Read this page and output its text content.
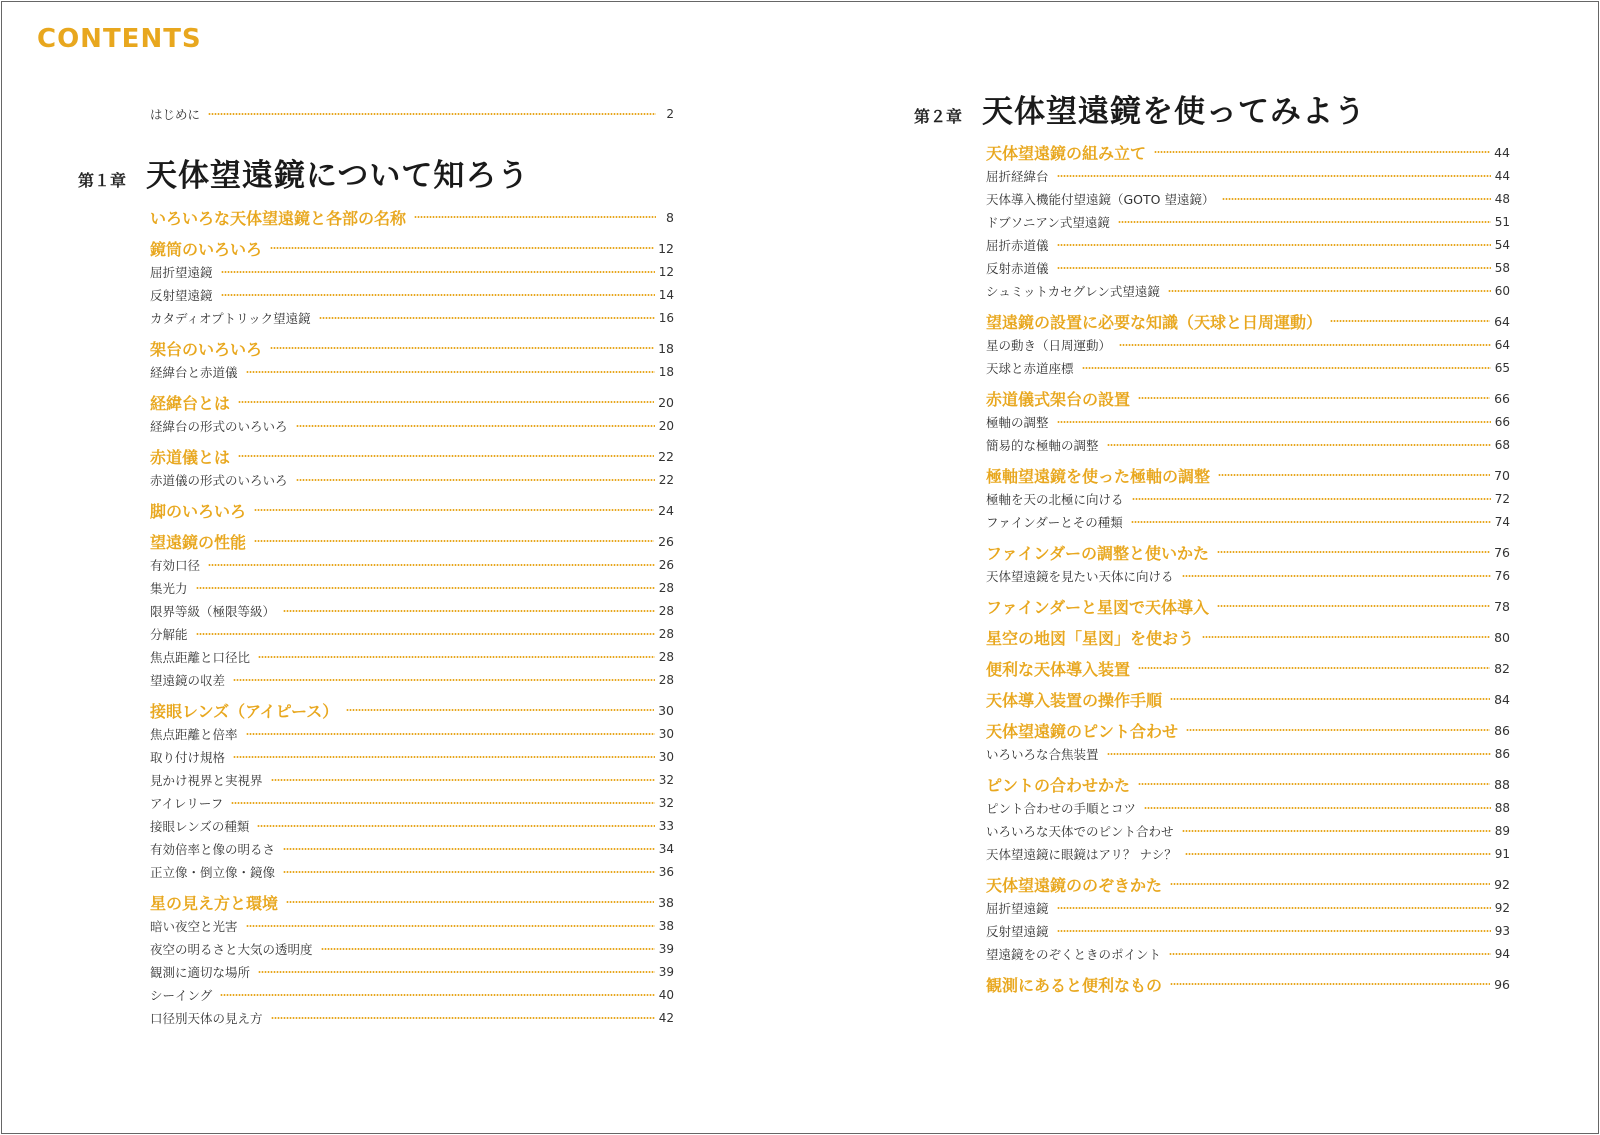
CONTENTS
はじめに	2
第１章 天体望遠鏡について知ろう
いろいろな天体望遠鏡と各部の名称	8
鏡筒のいろいろ	12
屈折望遠鏡	12
反射望遠鏡	14
カタディオプトリック望遠鏡	16
架台のいろいろ	18
経緯台と赤道儀	18
経緯台とは	20
経緯台の形式のいろいろ	20
赤道儀とは	22
赤道儀の形式のいろいろ	22
脚のいろいろ	24
望遠鏡の性能	26
有効口径	26
集光力	28
限界等級（極限等級）	28
分解能	28
焦点距離と口径比	28
望遠鏡の収差	28
接眼レンズ（アイピース）	30
焦点距離と倍率	30
取り付け規格	30
見かけ視界と実視界	32
アイレリーフ	32
接眼レンズの種類	33
有効倍率と像の明るさ	34
正立像・倒立像・鏡像	36
星の見え方と環境	38
暗い夜空と光害	38
夜空の明るさと大気の透明度	39
観測に適切な場所	39
シーイング	40
口径別天体の見え方	42
第２章 天体望遠鏡を使ってみよう
天体望遠鏡の組み立て	44
屈折経緯台	44
天体導入機能付望遠鏡（GOTO 望遠鏡）	48
ドブソニアン式望遠鏡	51
屈折赤道儀	54
反射赤道儀	58
シュミットカセグレン式望遠鏡	60
望遠鏡の設置に必要な知識（天球と日周運動）	64
星の動き（日周運動）	64
天球と赤道座標	65
赤道儀式架台の設置	66
極軸の調整	66
簡易的な極軸の調整	68
極軸望遠鏡を使った極軸の調整	70
極軸を天の北極に向ける	72
ファインダーとその種類	74
ファインダーの調整と使いかた	76
天体望遠鏡を見たい天体に向ける	76
ファインダーと星図で天体導入	78
星空の地図「星図」を使おう	80
便利な天体導入装置	82
天体導入装置の操作手順	84
天体望遠鏡のピント合わせ	86
いろいろな合焦装置	86
ピントの合わせかた	88
ピント合わせの手順とコツ	88
いろいろな天体でのピント合わせ	89
天体望遠鏡に眼鏡はアリ？ ナシ？	91
天体望遠鏡ののぞきかた	92
屈折望遠鏡	92
反射望遠鏡	93
望遠鏡をのぞくときのポイント	94
観測にあると便利なもの	96
